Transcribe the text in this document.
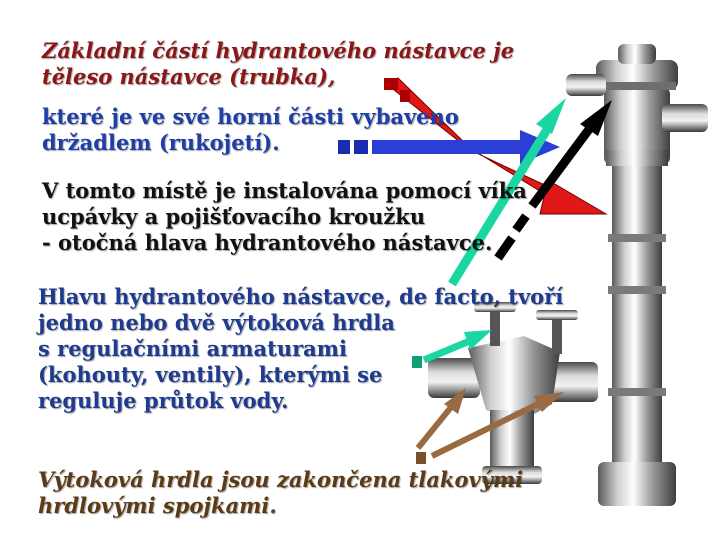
Základní částí hydrantového nástavce je
těleso nástavce (trubka),
které je ve své horní části vybaveno
držadlem (rukojetí).
V tomto místě je instalována pomocí víka
ucpávky a pojišťovacího kroužku
- otočná hlava hydrantového nástavce.
Hlavu hydrantového nástavce, de facto, tvoří
jedno nebo dvě výtoková hrdla
s regulačními armaturami
(kohouty, ventily), kterými se
reguluje průtok vody.
Výtoková hrdla jsou zakončena tlakovými
hrdlovými spojkami.
